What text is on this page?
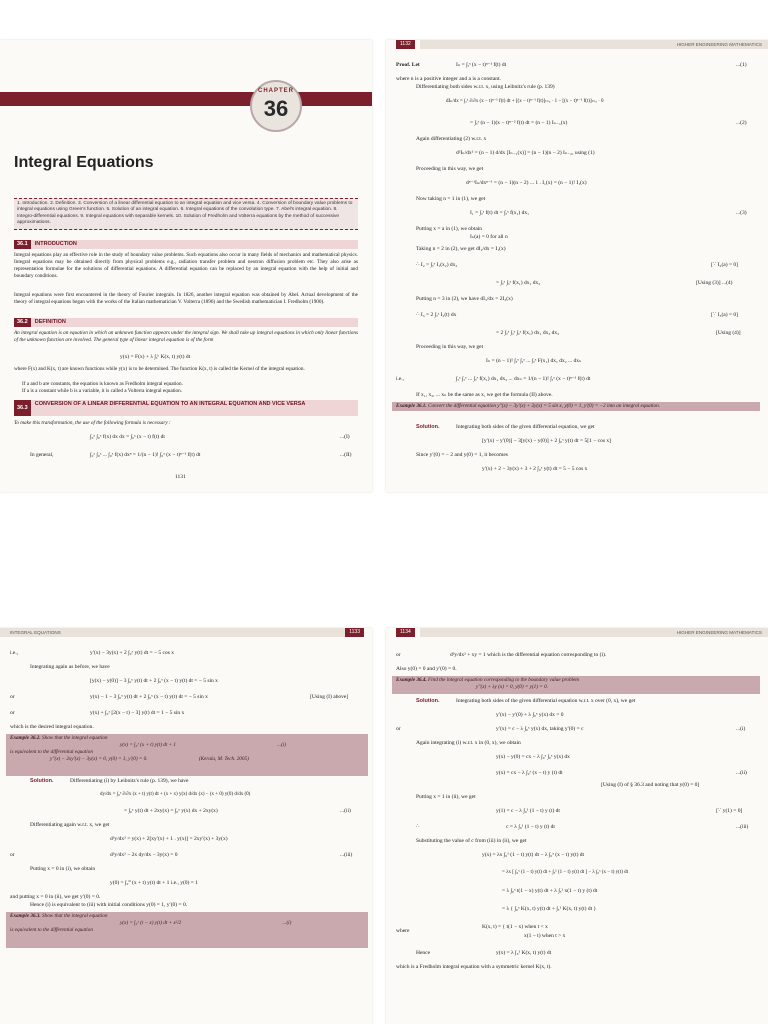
CHAPTER
36
Integral Equations
1. Introduction. 2. Definition. 3. Conversion of a linear differential equation to an integral equation and vice versa. 4. Conversion of boundary value problems to integral equations using Green's function. 5. Solution of an integral equation. 6. Integral equations of the convolution type. 7. Abel's integral equation. 8. Integro-differential equations. 9. Integral equations with separable kernels. 10. Solution of Fredholm and Volterra equations by the method of successive approximations.
36.1 INTRODUCTION
Integral equations play an effective role in the study of boundary value problems. Such equations also occur in many fields of mechanics and mathematical physics. Integral equations may be obtained directly from physical problems e.g., radiation transfer problem and neutron diffusion problem etc. They also arise as representation formulae for the solutions of differential equations. A differential equation can be replaced by an integral equation with the help of initial and boundary conditions.
Integral equations were first encountered in the theory of Fourier integrals. In 1826, another integral equation was obtained by Abel. Actual development of the theory of integral equations began with the works of the Italian mathematician V. Volterra (1896) and the Swedish mathematician I. Fredholm (1900).
36.2 DEFINITION
An integral equation is an equation in which an unknown function appears under the integral sign. We shall take up integral equations in which only linear functions of the unknown function are involved. The general type of linear integral equation is of the form
y(x) = F(x) + λ ∫ₐᵇ K(x, t) y(t) dt
where F(x) and K(x, t) are known functions while y(x) is to be determined. The function K(x, t) is called the Kernel of the integral equation.
If a and b are constants, the equation is known as Fredholm integral equation.
If a is a constant while b is a variable, it is called a Volterra integral equation.
36.3
CONVERSION OF A LINEAR DIFFERENTIAL EQUATION TO AN INTEGRAL EQUATION AND VICE VERSA
To make this transformation, the use of the following formula is necessary :
∫₀ˣ ∫₀ˣ f(x) dx dx = ∫₀ˣ (x − t) f(t) dt	...(I)
In general,	∫₀ˣ ∫₀ˣ ... ∫₀ˣ f(x) dxⁿ = 1/(n − 1)! ∫₀ˣ (x − t)ⁿ⁻¹ f(t) dt	...(II)
1131
1132	HIGHER ENGINEERING MATHEMATICS
Proof. Let	Iₙ = ∫ₐˣ (x − t)ⁿ⁻¹ f(t) dt	...(1)
where n is a positive integer and a is a constant.
Differentiating both sides w.r.t. x, using Leibnitz's rule (p. 139)
dIₙ/dx = ∫ₐˣ ∂/∂x (x − t)ⁿ⁻¹ f(t) dt + [(x − t)ⁿ⁻¹ f(t)]ₜ₌ₓ · 1 − [(x − t)ⁿ⁻¹ f(t)]ₜ₌ₐ · 0
= ∫ₐˣ (n − 1)(x − t)ⁿ⁻² f(t) dt = (n − 1) Iₙ₋₁(x)	...(2)
Again differentiating (2) w.r.t. x
d²Iₙ/dx² = (n − 1) d/dx [Iₙ₋₁(x)] = (n − 1)(n − 2) Iₙ₋₂, using (1)
Proceeding in this way, we get
dⁿ⁻¹Iₙ/dxⁿ⁻¹ = (n − 1)(n − 2) ... 1 . I₁(x) = (n − 1)! I₁(x)
Now taking n = 1 in (1), we get
I₁ = ∫ₐˣ f(t) dt = ∫ₐˣ f(x₁) dx₁	...(3)
Putting x = a in (1), we obtain
Iₙ(a) = 0 for all n
Taking n = 2 in (2), we get dI₂/dx = I₁(x)
∴ I₂ = ∫ₐˣ I₁(x₂) dx₂	[∵ I₂(a) = 0]
= ∫ₐˣ ∫ₐˣ f(x₁) dx₁ dx₂	[Using (3)] ...(4)
Putting n = 3 in (2), we have dI₃/dx = 2I₂(x)
∴ I₃ = 2 ∫ₐˣ I₂(t) dx	[∵ I₃(a) = 0]
= 2 ∫ₐˣ ∫ₐˣ ∫ₐˣ f(x₁) dx₁ dx₂ dx₃	[Using (4)]
Proceeding in this way, we get
Iₙ = (n − 1)! ∫ₐˣ ∫ₐˣ ... ∫ₐˣ F(x₁) dx₁ dx₂ ... dxₙ
i.e.,	∫ₐˣ ∫ₐˣ ... ∫ₐˣ f(x₁) dx₁ dx₂ ... dxₙ = 1/(n − 1)! ∫ₐˣ (x − t)ⁿ⁻¹ f(t) dt
If x₁, x₂, ... xₙ be the same as x, we get the formula (II) above.
Example 36.1. Convert the differential equation y″(x) − 3y′(x) + 2y(x) = 5 sin x, y(0) = 1, y′(0) = −2 into an integral equation.
Solution.	Integrating both sides of the given differential equation, we get
[y′(x) − y′(0)] − 3[y(x) − y(0)] + 2 ∫₀ˣ y(t) dt = 5[1 − cos x]
Since y′(0) = − 2 and y(0) = 1, it becomes
y′(x) + 2 − 3y(x) + 3 + 2 ∫₀ˣ y(t) dt = 5 − 5 cos x
INTEGRAL EQUATIONS	1133
i.e.,	y′(x) − 3y(x) + 2 ∫₀ˣ y(t) dt = − 5 cos x
Integrating again as before, we have
[y(x) − y(0)] − 3 ∫₀ˣ y(t) dt + 2 ∫₀ˣ (x − t) y(t) dt = − 5 sin x
or	y(x) − 1 − 3 ∫₀ˣ y(t) dt + 2 ∫₀ˣ (x − t) y(t) dt = − 5 sin x	[Using (I) above]
or	y(x) + ∫₀ˣ [2(x − t) − 3] y(t) dt = 1 − 5 sin x
which is the desired integral equation.
Example 36.2. Show that the integral equation
y(x) = ∫₀ˣ (x + t) y(t) dt + 1	...(i)
is equivalent to the differential equation
y″(x) − 2xy′(x) − 3y(x) = 0, y(0) = 1, y′(0) = 0.	(Kerala, M. Tech. 2005)
Solution.	Differentiating (i) by Leibnitz's rule (p. 139), we have
dy/dx = ∫₀ˣ ∂/∂x (x + t) y(t) dt + (x + x) y(x) d/dx (x) − (x + 0) y(0) d/dx (0)
= ∫₀ˣ y(t) dt + 2xy(x) = ∫₀ˣ y(x) dx + 2xy(x)	...(ii)
Differentiating again w.r.t. x, we get
d²y/dx² = y(x) + 2[xy′(x) + 1 . y(x)] = 2xy′(x) + 3y(x)
or	d²y/dx² − 2x dy/dx − 3y(x) = 0	...(iii)
Putting x = 0 in (i), we obtain
y(0) = ∫₀⁰ (x + t) y(t) dt + 1 i.e., y(0) = 1
and putting x = 0 in (ii), we get y′(0) = 0.
Hence (i) is equivalent to (iii) with initial conditions y(0) = 1, y′(0) = 0.
Example 36.3. Show that the integral equation
y(x) = ∫₀ˣ (t − x) y(t) dt + x²/2	...(i)
is equivalent to the differential equation
1134	HIGHER ENGINEERING MATHEMATICS
or	d²y/dx² + xy = 1 which is the differential equation corresponding to (i).
Also y(0) = 0 and y′(0) = 0.
Example 36.4. Find the integral equation corresponding to the boundary value problem
y″(x) + λy (x) = 0, y(0) = y(1) = 0.
Solution.	Integrating both sides of the given differential equation w.r.t. x over (0, x), we get
y′(x) − y′(0) + λ ∫₀ˣ y(x) dx = 0
or	y′(x) = c − λ ∫₀ˣ y(x) dx, taking y′(0) = c	...(i)
Again integrating (i) w.r.t. x in (0, x), we obtain
y(x) − y(0) = cx − λ ∫₀ˣ ∫₀ˣ y(x) dx
y(x) = cx − λ ∫₀ˣ (x − t) y (t) dt	...(ii)
[Using (I) of § 36.3 and noting that y(0) = 0]
Putting x = 1 in (ii), we get
y(1) = c − λ ∫₀¹ (1 − t) y (t) dt	[∵ y(1) = 0]
∴	c = λ ∫₀¹ (1 − t) y (t) dt	...(iii)
Substituting the value of c from (iii) in (ii), we get
y(x) = λx ∫₀¹ (1 − t) y(t) dt − λ ∫₀ˣ (x − t) y(t) dt
= λx [ ∫₀ˣ (1 − t) y(t) dt + ∫ₓ¹ (1 − t) y(t) dt ] − λ ∫₀ˣ (x − t) y(t) dt
= λ ∫₀ˣ t(1 − x) y(t) dt + λ ∫ₓ¹ x(1 − t) y (t) dt
= λ { ∫₀ˣ K(x, t) y(t) dt + ∫ₓ¹ K(x, t) y(t) dt }
where
K(x, t) = { t(1 − x) when t < x
x(1 − t) when t > x
Hence	y(x) = λ ∫₀¹ K(x, t) y(t) dt
which is a Fredholm integral equation with a symmetric kernel K(x, t).
